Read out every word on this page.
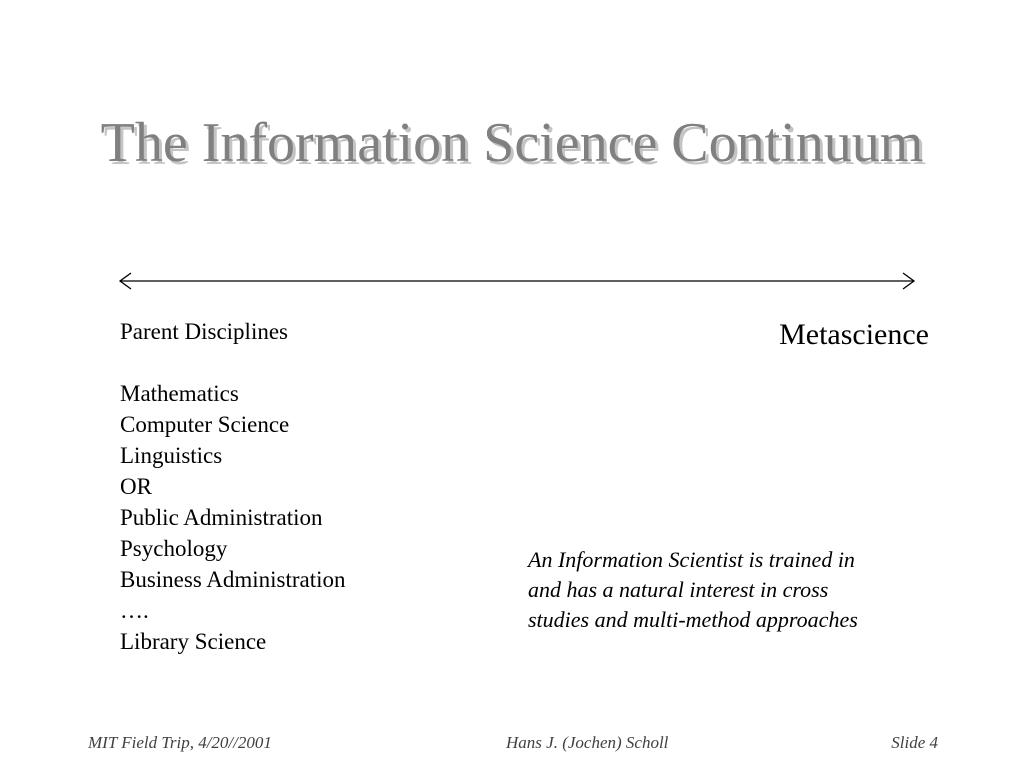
The Information Science Continuum
Parent Disciplines
Mathematics
Computer Science
Linguistics
OR
Public Administration
Psychology
Business Administration
….
Library Science
Metascience
An Information Scientist is trained in
and has a natural interest in cross
studies and multi-method approaches
MIT Field Trip, 4/20//2001	Hans J. (Jochen) Scholl	Slide 4
